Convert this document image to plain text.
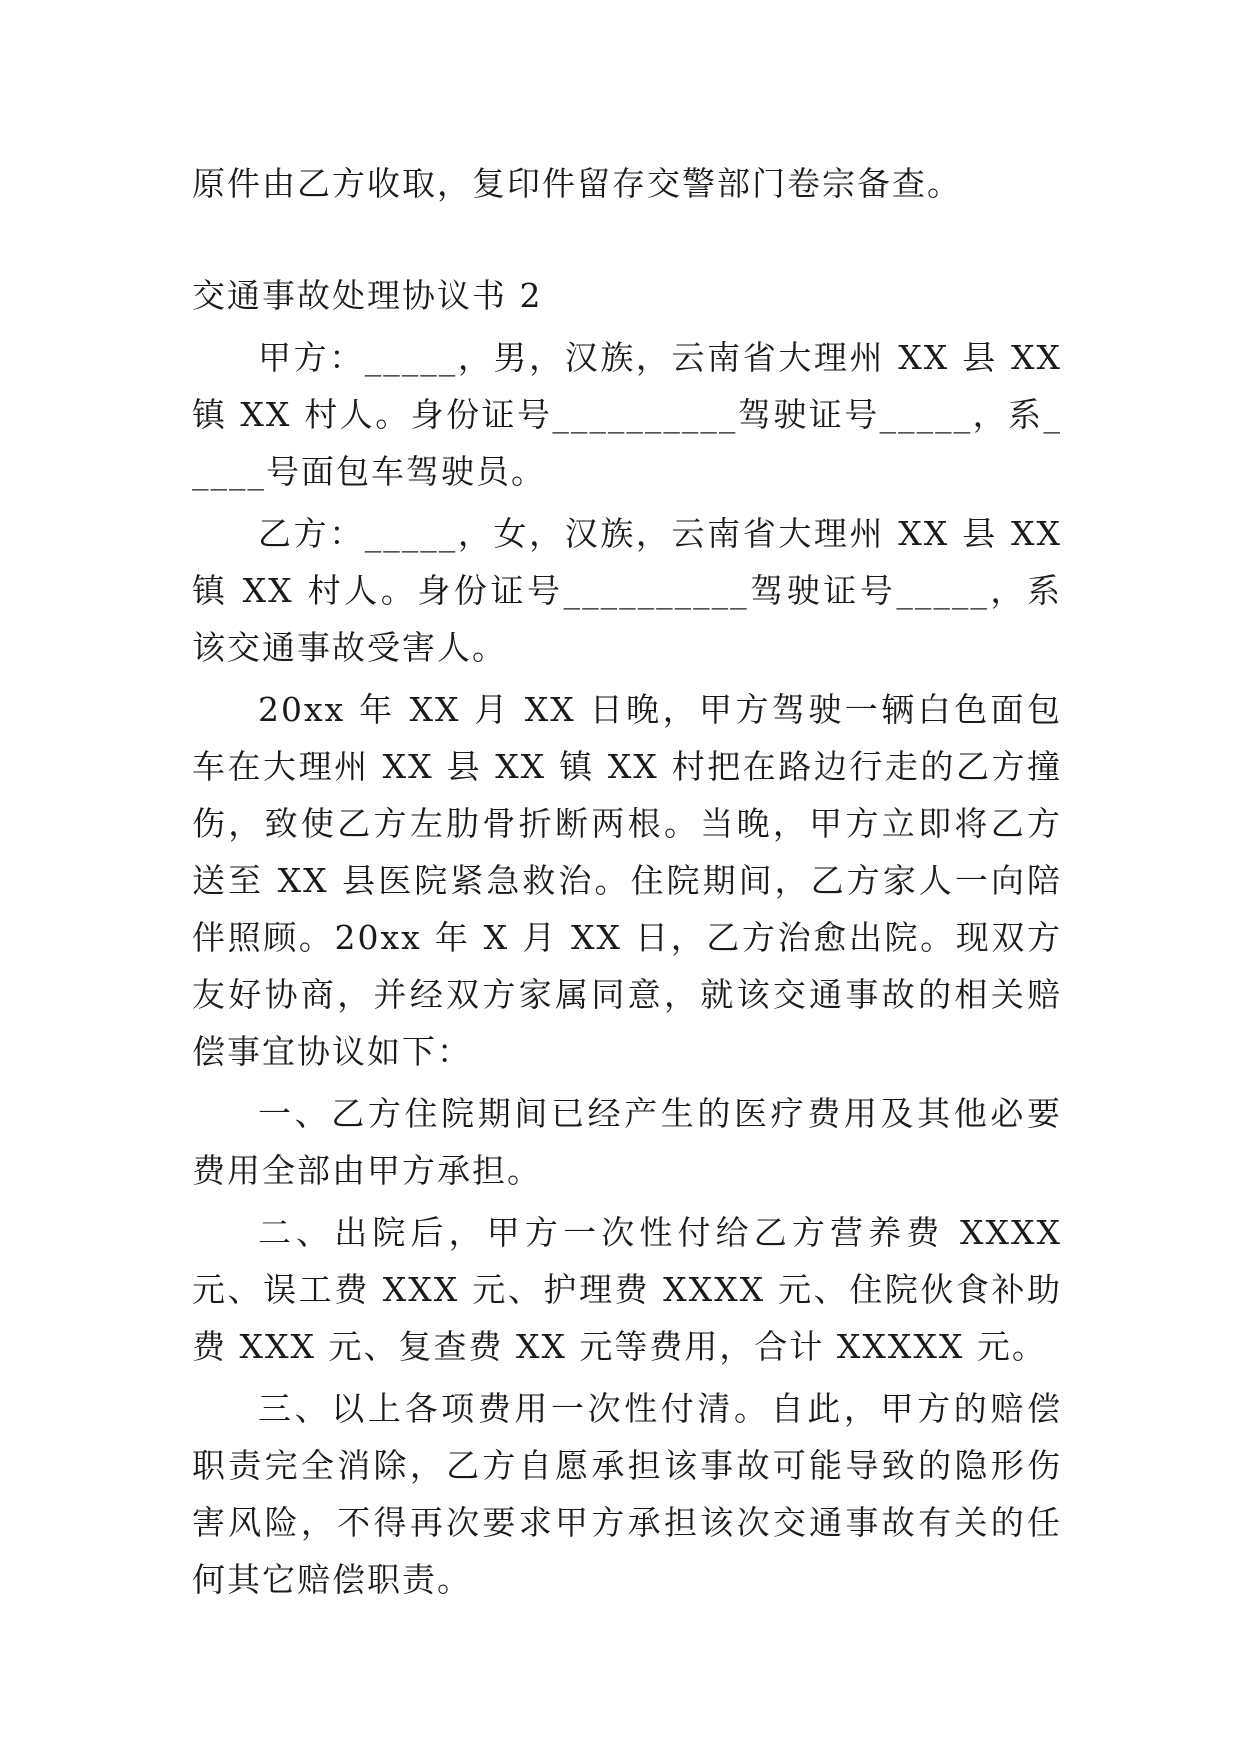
原件由乙方收取，复印件留存交警部门卷宗备查。

交通事故处理协议书 2

甲方：_____，男，汉族，云南省大理州 XX 县 XX 镇 XX 村人。身份证号__________驾驶证号_____，系_____号面包车驾驶员。

乙方：_____，女，汉族，云南省大理州 XX 县 XX 镇 XX 村人。身份证号__________驾驶证号_____，系该交通事故受害人。

20xx 年 XX 月 XX 日晚，甲方驾驶一辆白色面包车在大理州 XX 县 XX 镇 XX 村把在路边行走的乙方撞伤，致使乙方左肋骨折断两根。当晚，甲方立即将乙方送至 XX 县医院紧急救治。住院期间，乙方家人一向陪伴照顾。20xx 年 X 月 XX 日，乙方治愈出院。现双方友好协商，并经双方家属同意，就该交通事故的相关赔偿事宜协议如下：

一、乙方住院期间已经产生的医疗费用及其他必要费用全部由甲方承担。

二、出院后，甲方一次性付给乙方营养费 XXXX 元、误工费 XXX 元、护理费 XXXX 元、住院伙食补助费 XXX 元、复查费 XX 元等费用，合计 XXXXX 元。

三、以上各项费用一次性付清。自此，甲方的赔偿职责完全消除，乙方自愿承担该事故可能导致的隐形伤害风险，不得再次要求甲方承担该次交通事故有关的任何其它赔偿职责。
